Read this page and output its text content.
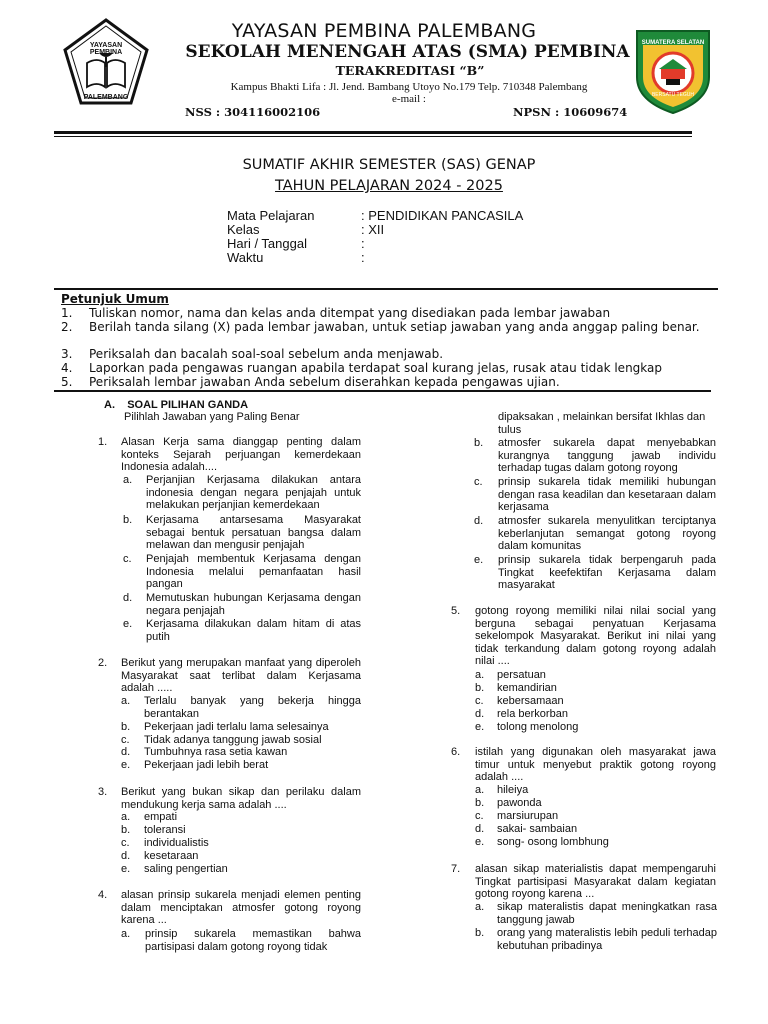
YAYASAN PEMBINA
PALEMBANG
SUMATERA SELATAN
BERSATU TEGUH
YAYASAN PEMBINA PALEMBANG
SEKOLAH MENENGAH ATAS (SMA) PEMBINA
TERAKREDITASI “B”
Kampus Bhakti Lifa : Jl. Jend. Bambang Utoyo No.179 Telp. 710348 Palembang
e-mail :
NSS : 304116002106	NPSN : 10609674
SUMATIF AKHIR SEMESTER (SAS) GENAP
TAHUN PELAJARAN 2024 - 2025
Mata Pelajaran	: PENDIDIKAN PANCASILA
Kelas	: XII
Hari / Tanggal	:
Waktu	:
Petunjuk Umum
1. Tuliskan nomor, nama dan kelas anda ditempat yang disediakan pada lembar jawaban
2. Berilah tanda silang (X) pada lembar jawaban, untuk setiap jawaban yang anda anggap paling benar.
3. Periksalah dan bacalah soal-soal sebelum anda menjawab.
4. Laporkan pada pengawas ruangan apabila terdapat soal kurang jelas, rusak atau tidak lengkap
5. Periksalah lembar jawaban Anda sebelum diserahkan kepada pengawas ujian.
A.    SOAL PILIHAN GANDA
Pilihlah Jawaban yang Paling Benar
1. Alasan Kerja sama dianggap penting dalam konteks Sejarah perjuangan kemerdekaan Indonesia adalah....
a. Perjanjian Kerjasama dilakukan antara indonesia dengan negara penjajah untuk melakukan perjanjian kemerdekaan
b. Kerjasama antarsesama Masyarakat sebagai bentuk persatuan bangsa dalam melawan dan mengusir penjajah
c. Penjajah membentuk Kerjasama dengan Indonesia melalui pemanfaatan hasil pangan
d. Memutuskan hubungan Kerjasama dengan negara penjajah
e. Kerjasama dilakukan dalam hitam di atas putih
2. Berikut yang merupakan manfaat yang diperoleh Masyarakat saat terlibat dalam Kerjasama adalah .....
a. Terlalu banyak yang bekerja hingga berantakan
b. Pekerjaan jadi terlalu lama selesainya
c. Tidak adanya tanggung jawab sosial
d. Tumbuhnya rasa setia kawan
e. Pekerjaan jadi lebih berat
3. Berikut yang bukan sikap dan perilaku dalam mendukung kerja sama adalah ....
a. empati
b. toleransi
c. individualistis
d. kesetaraan
e. saling pengertian
4. alasan prinsip sukarela menjadi elemen penting dalam menciptakan atmosfer gotong royong karena ...
a. prinsip sukarela memastikan bahwa partisipasi dalam gotong royong tidak
dipaksakan , melainkan bersifat Ikhlas dan tulus
b. atmosfer sukarela dapat menyebabkan kurangnya tanggung jawab individu terhadap tugas dalam gotong royong
c. prinsip sukarela tidak memiliki hubungan dengan rasa keadilan dan kesetaraan dalam kerjasama
d. atmosfer sukarela menyulitkan terciptanya keberlanjutan semangat gotong royong dalam komunitas
e. prinsip sukarela tidak berpengaruh pada Tingkat keefektifan Kerjasama dalam masyarakat
5. gotong royong memiliki nilai nilai social yang berguna sebagai penyatuan Kerjasama sekelompok Masyarakat. Berikut ini nilai yang tidak terkandung dalam gotong royong adalah nilai ....
a. persatuan
b. kemandirian
c. kebersamaan
d. rela berkorban
e. tolong menolong
6. istilah yang digunakan oleh masyarakat jawa timur untuk menyebut praktik gotong royong adalah ....
a. hileiya
b. pawonda
c. marsiurupan
d. sakai- sambaian
e. song- osong lombhung
7. alasan sikap materialistis dapat mempengaruhi Tingkat partisipasi Masyarakat dalam kegiatan gotong royong karena ...
a. sikap materalistis dapat meningkatkan rasa tanggung jawab
b. orang yang materalistis lebih peduli terhadap kebutuhan pribadinya
